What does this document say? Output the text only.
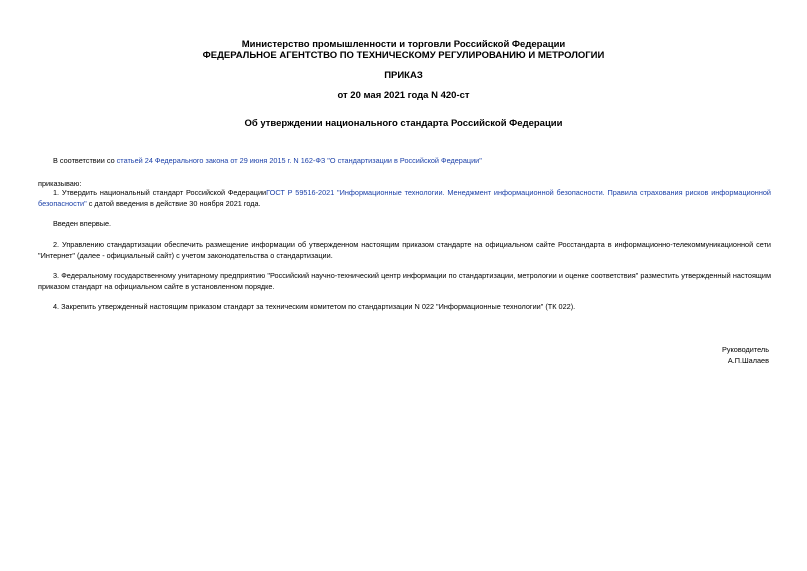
Министерство промышленности и торговли Российской Федерации
ФЕДЕРАЛЬНОЕ АГЕНТСТВО ПО ТЕХНИЧЕСКОМУ РЕГУЛИРОВАНИЮ И МЕТРОЛОГИИ
ПРИКАЗ
от 20 мая 2021 года N 420-ст
Об утверждении национального стандарта Российской Федерации
В соответствии со статьей 24 Федерального закона от 29 июня 2015 г. N 162-ФЗ "О стандартизации в Российской Федерации"
приказываю:
1. Утвердить национальный стандарт Российской ФедерацииГОСТ Р 59516-2021 "Информационные технологии. Менеджмент информационной безопасности. Правила страхования рисков информационной безопасности" с датой введения в действие 30 ноября 2021 года.
Введен впервые.
2. Управлению стандартизации обеспечить размещение информации об утвержденном настоящим приказом стандарте на официальном сайте Росстандарта в информационно-телекоммуникационной сети "Интернет" (далее - официальный сайт) с учетом законодательства о стандартизации.
3. Федеральному государственному унитарному предприятию "Российский научно-технический центр информации по стандартизации, метрологии и оценке соответствия" разместить утвержденный настоящим приказом стандарт на официальном сайте в установленном порядке.
4. Закрепить утвержденный настоящим приказом стандарт за техническим комитетом по стандартизации N 022 "Информационные технологии" (ТК 022).
Руководитель
А.П.Шалаев
